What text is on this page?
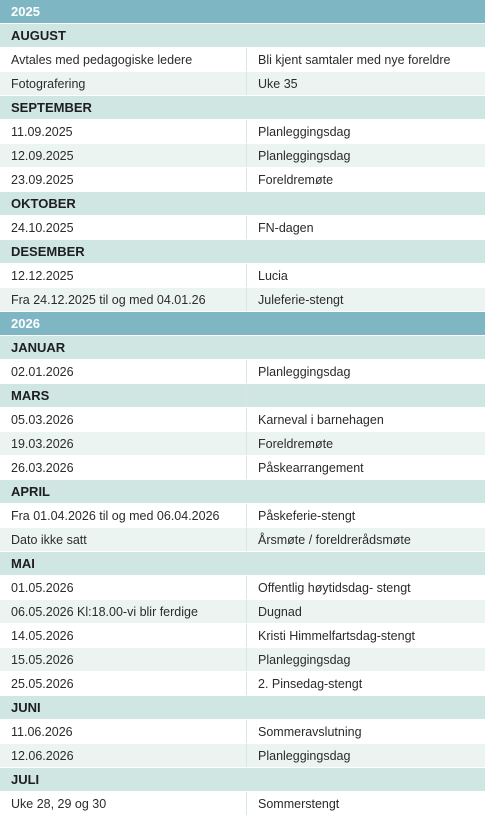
2025
AUGUST
Avtales med pedagogiske ledere	Bli kjent samtaler med nye foreldre
Fotografering	Uke 35
SEPTEMBER
11.09.2025	Planleggingsdag
12.09.2025	Planleggingsdag
23.09.2025	Foreldremøte
OKTOBER
24.10.2025	FN-dagen
DESEMBER
12.12.2025	Lucia
Fra 24.12.2025 til og med 04.01.26	Juleferie-stengt
2026
JANUAR
02.01.2026	Planleggingsdag
MARS
05.03.2026	Karneval i barnehagen
19.03.2026	Foreldremøte
26.03.2026	Påskearrangement
APRIL
Fra 01.04.2026 til og med 06.04.2026	Påskeferie-stengt
Dato ikke satt	Årsmøte / foreldrerådsmøte
MAI
01.05.2026	Offentlig høytidsdag- stengt
06.05.2026 Kl:18.00-vi blir ferdige	Dugnad
14.05.2026	Kristi Himmelfartsdag-stengt
15.05.2026	Planleggingsdag
25.05.2026	2. Pinsedag-stengt
JUNI
11.06.2026	Sommeravslutning
12.06.2026	Planleggingsdag
JULI
Uke 28, 29 og 30	Sommerstengt
